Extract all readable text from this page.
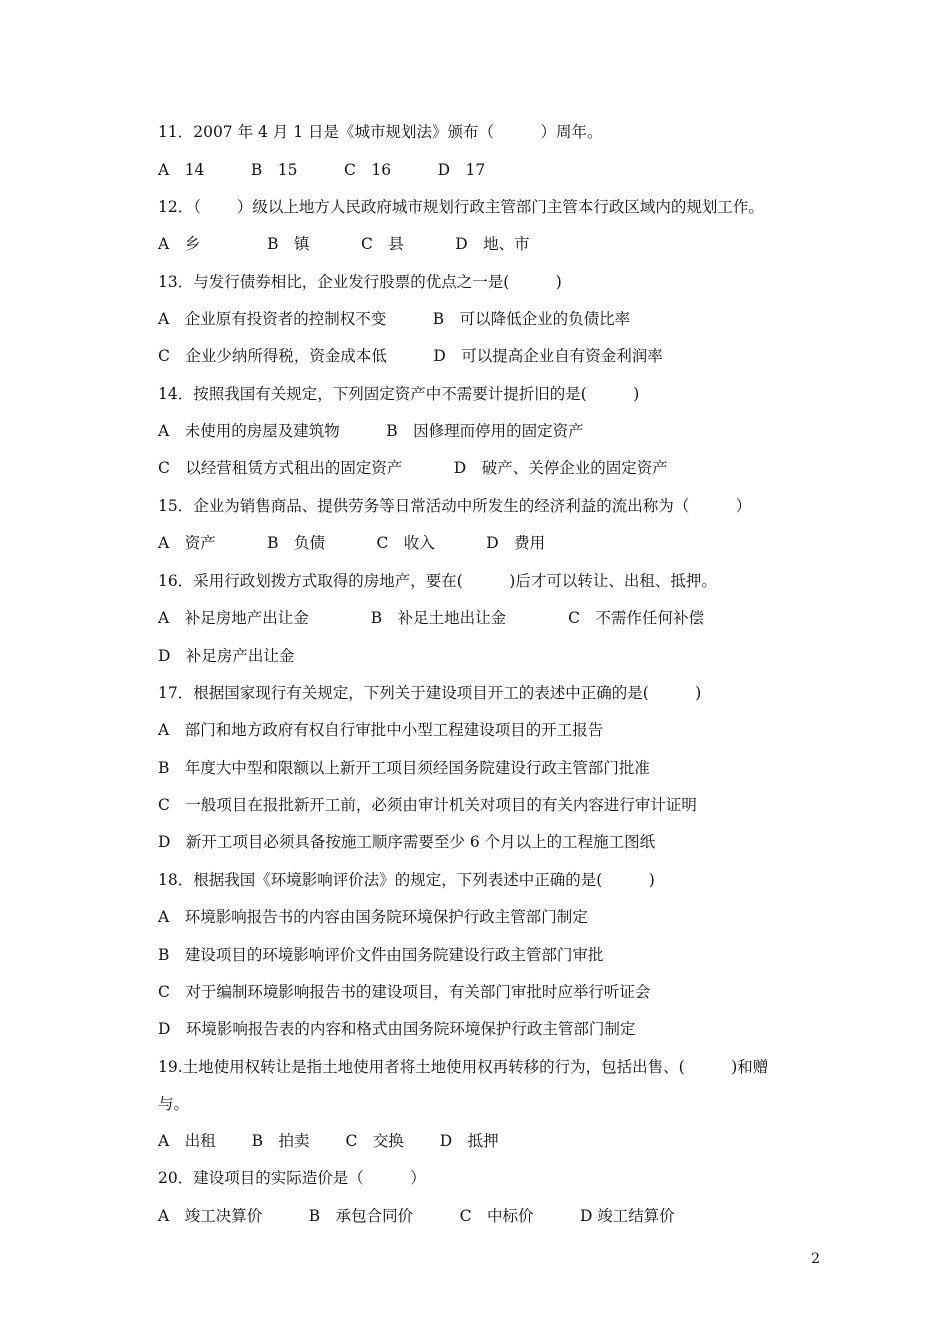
11．2007 年 4 月 1 日是《城市规划法》颁布（　　　）周年。
A　14　　　B　15　　　C　16　　　D　17
12．（　　 ）级以上地方人民政府城市规划行政主管部门主管本行政区域内的规划工作。
A　乡　　　　 B　镇　　　 C　县　　　 D　地、市
13．与发行债券相比，企业发行股票的优点之一是(　　　)
A　企业原有投资者的控制权不变　　　B　可以降低企业的负债比率
C　企业少纳所得税，资金成本低　　　D　可以提高企业自有资金利润率
14．按照我国有关规定，下列固定资产中不需要计提折旧的是(　　　)
A　未使用的房屋及建筑物　　　B　因修理而停用的固定资产
C　以经营租赁方式租出的固定资产　　　 D　破产、关停企业的固定资产
15．企业为销售商品、提供劳务等日常活动中所发生的经济利益的流出称为（　　　）
A　资产　　　 B　负债　　　 C　收入　　　 D　费用
16．采用行政划拨方式取得的房地产，要在(　　　)后才可以转让、出租、抵押。
A　补足房地产出让金　　　　B　补足土地出让金　　　　C　不需作任何补偿
D　补足房产出让金
17．根据国家现行有关规定，下列关于建设项目开工的表述中正确的是(　　　)
A　部门和地方政府有权自行审批中小型工程建设项目的开工报告
B　年度大中型和限额以上新开工项目须经国务院建设行政主管部门批准
C　一般项目在报批新开工前，必须由审计机关对项目的有关内容进行审计证明
D　新开工项目必须具备按施工顺序需要至少 6 个月以上的工程施工图纸
18．根据我国《环境影响评价法》的规定，下列表述中正确的是(　　　)
A　环境影响报告书的内容由国务院环境保护行政主管部门制定
B　建设项目的环境影响评价文件由国务院建设行政主管部门审批
C　对于编制环境影响报告书的建设项目，有关部门审批时应举行听证会
D　环境影响报告表的内容和格式由国务院环境保护行政主管部门制定
19.土地使用权转让是指土地使用者将土地使用权再转移的行为，包括出售、(　　　)和赠
与。
A　出租　　 B　拍卖　　 C　交换　　 D　抵押
20．建设项目的实际造价是（　　　）
A　竣工决算价　　　B　承包合同价　　　C　中标价　　　D 竣工结算价
2
